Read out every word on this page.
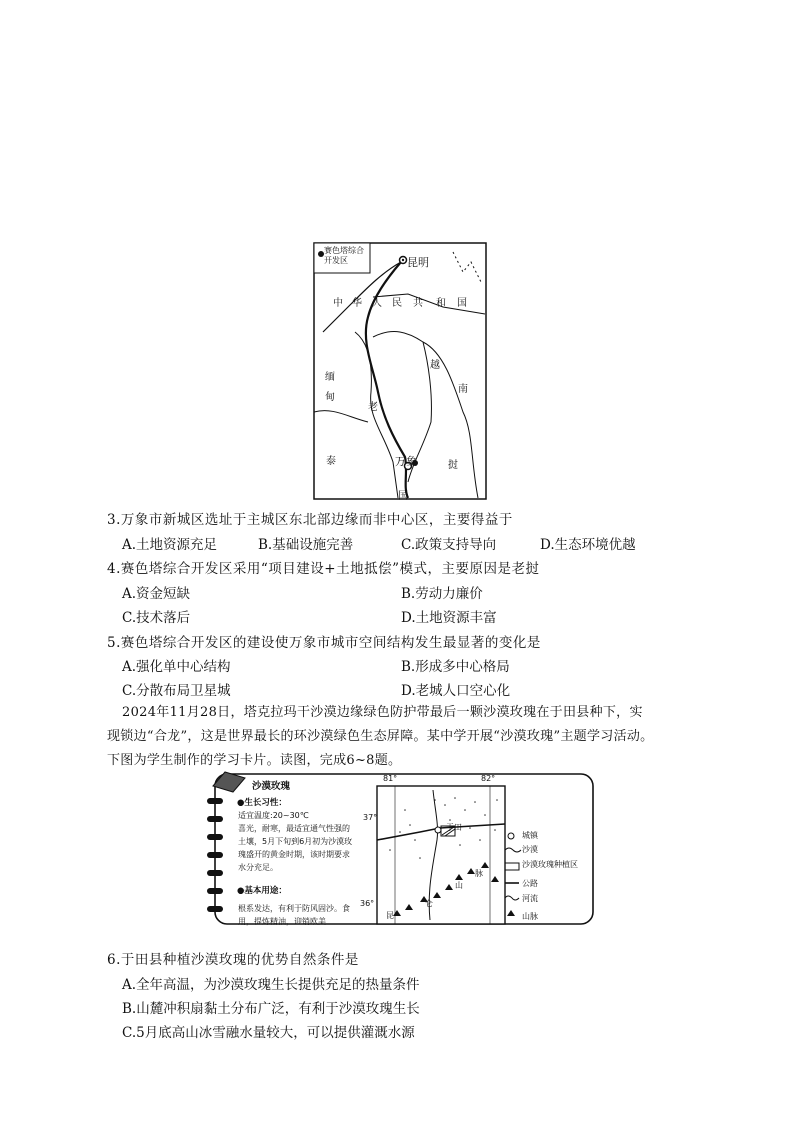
赛色塔综合开发区	昆明
万象
中 华 人 民 共 和 国
缅
甸
老
越
南
泰
国
挝
3.万象市新城区选址于主城区东北部边缘而非中心区，主要得益于
A.土地资源充足	B.基础设施完善	C.政策支持导向	D.生态环境优越
4.赛色塔综合开发区采用“项目建设+土地抵偿”模式，主要原因是老挝
A.资金短缺	B.劳动力廉价
C.技术落后	D.土地资源丰富
5.赛色塔综合开发区的建设使万象市城市空间结构发生最显著的变化是
A.强化单中心结构	B.形成多中心格局
C.分散布局卫星城	D.老城人口空心化
2024年11月28日，塔克拉玛干沙漠边缘绿色防护带最后一颗沙漠玫瑰在于田县种下，实
现锁边“合龙”，这是世界最长的环沙漠绿色生态屏障。某中学开展“沙漠玫瑰”主题学习活动。
下图为学生制作的学习卡片。读图，完成6~8题。
沙漠玫瑰
●生长习性：
适宜温度:20~30℃
喜光，耐寒，最适宜通气性强的
土壤，5月下旬到6月初为沙漠玫
瑰盛开的黄金时期，该时期要求
水分充足。
●基本用途：
根系发达，有利于防风固沙。食
用，提炼精油，迎销欧美
81°	82°
37°
36°
于田
山
脉
昆
仑
城镇
沙漠
沙漠玫瑰种植区
公路
河流
山脉
6.于田县种植沙漠玫瑰的优势自然条件是
A.全年高温，为沙漠玫瑰生长提供充足的热量条件
B.山麓冲积扇黏土分布广泛，有利于沙漠玫瑰生长
C.5月底高山冰雪融水量较大，可以提供灌溉水源
